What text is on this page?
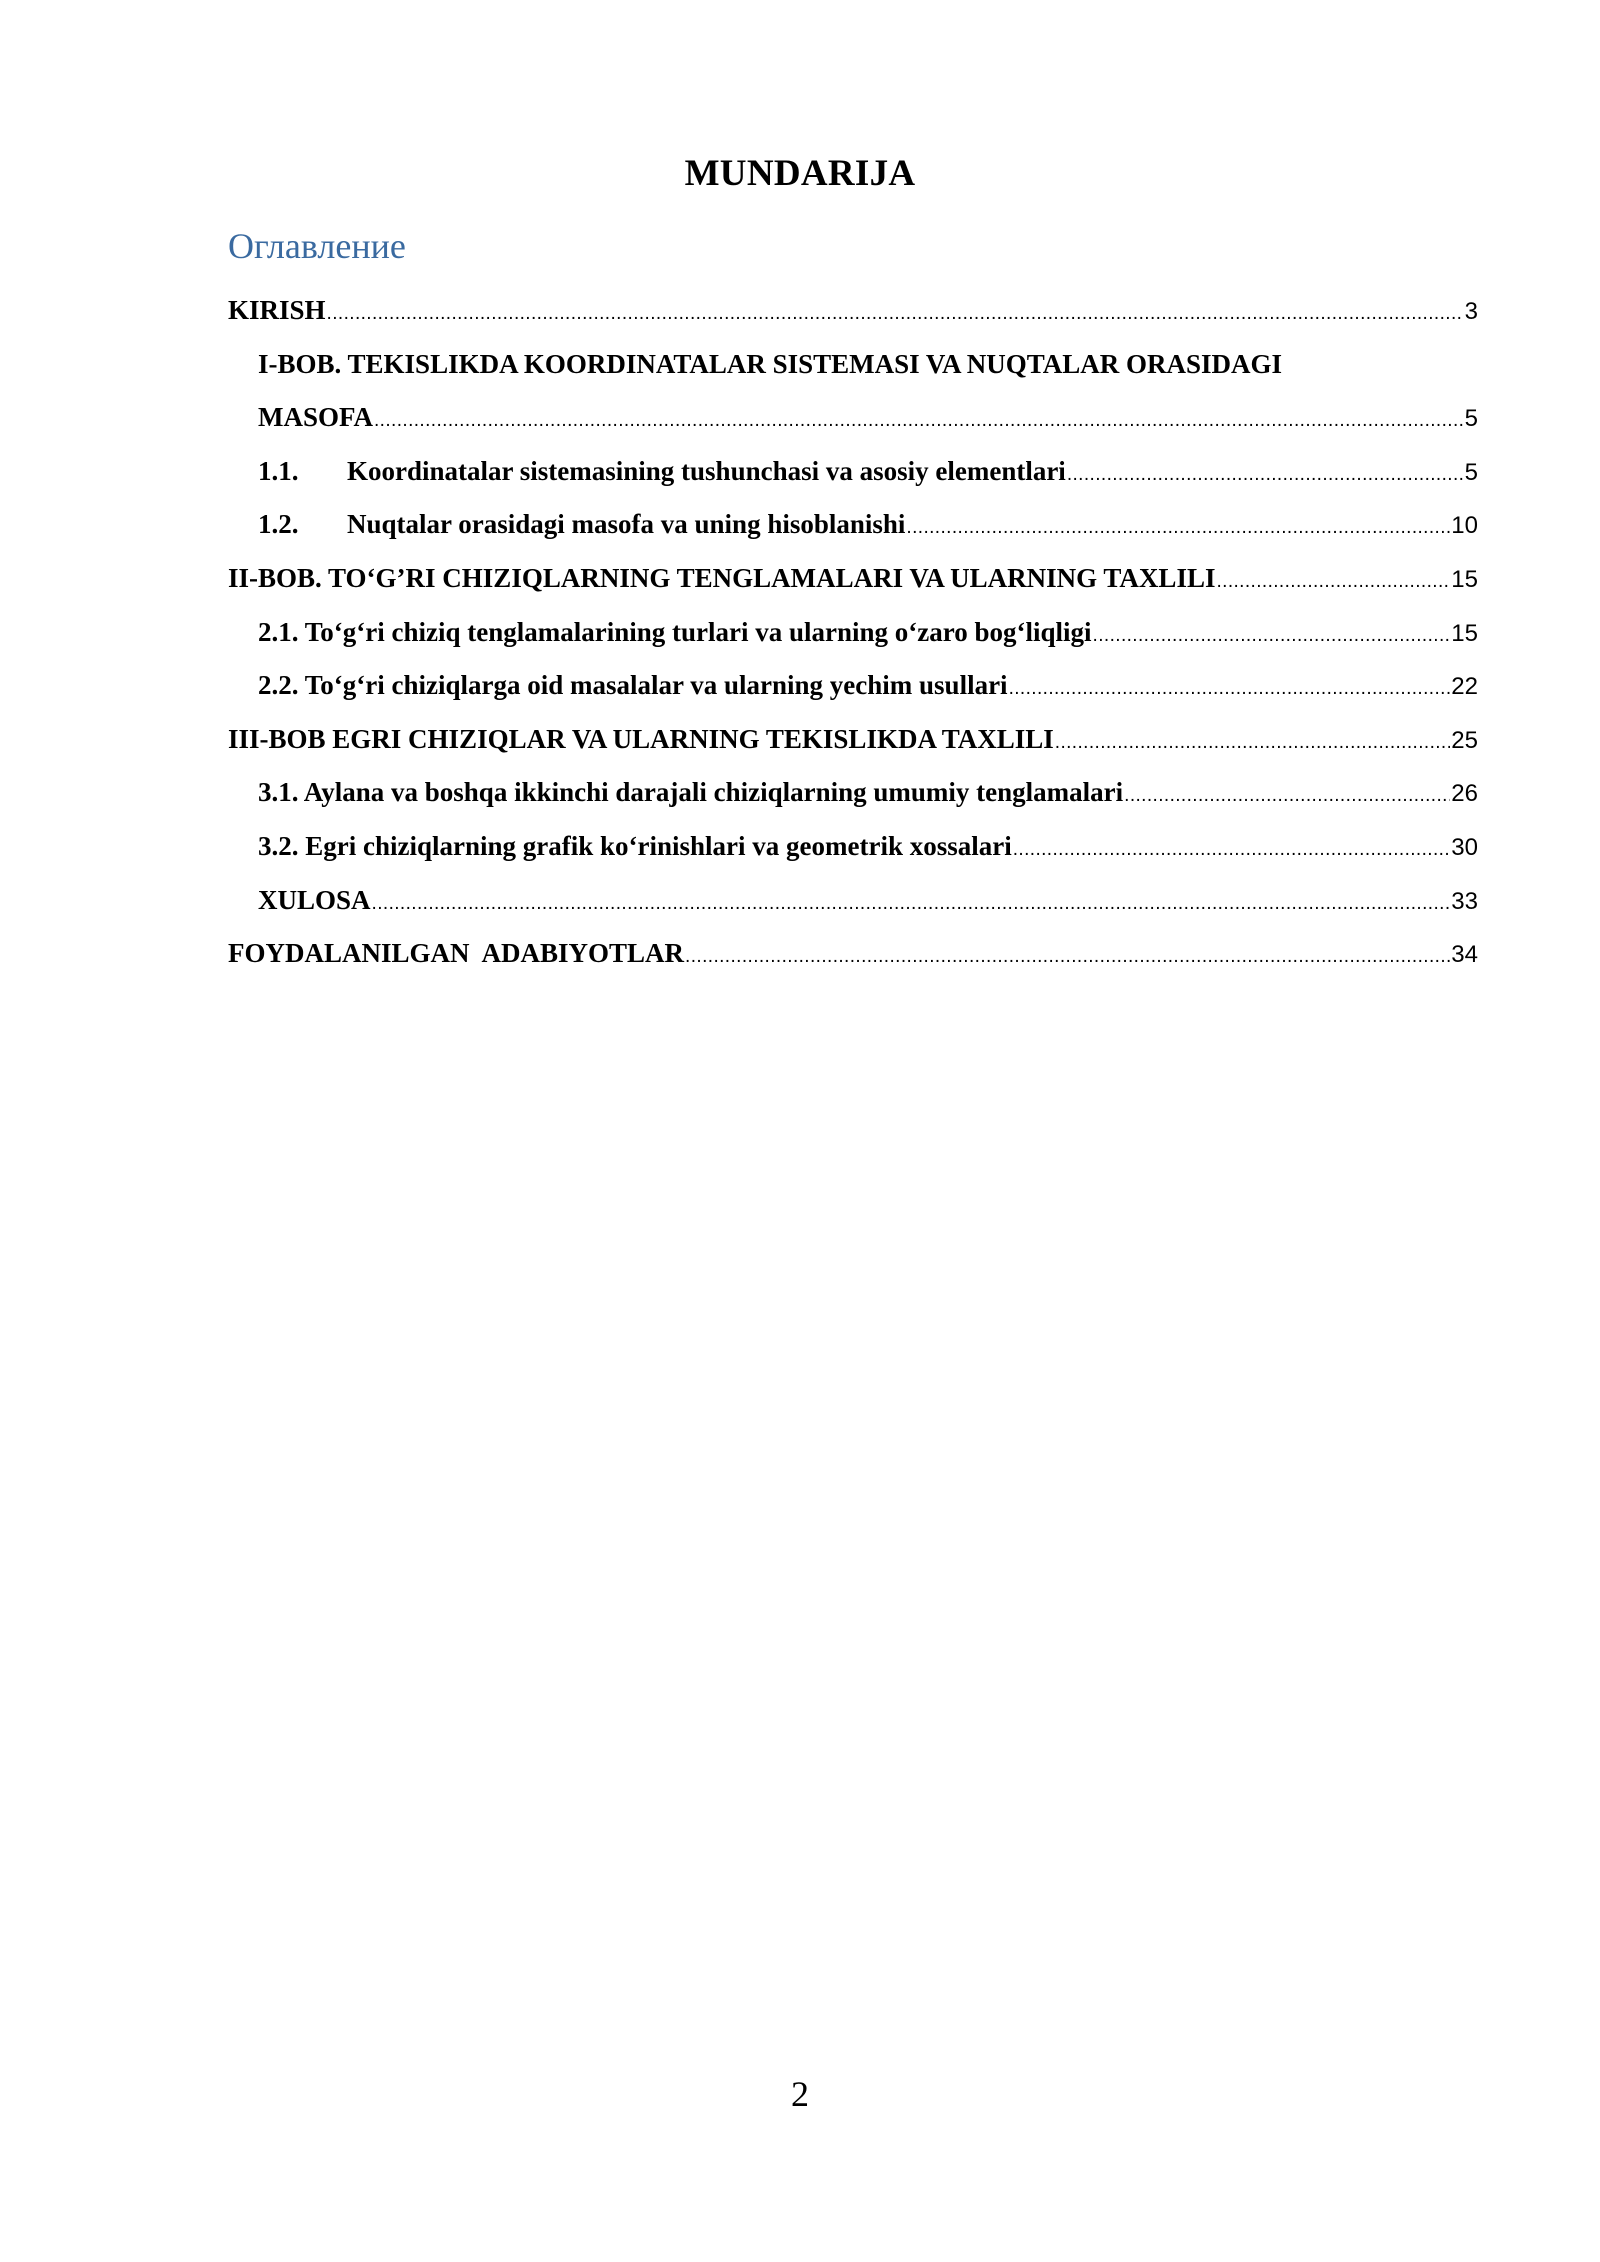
MUNDARIJA
Оглавление
KIRISH .....	3
I-BOB. TEKISLIKDA KOORDINATALAR SISTEMASI VA NUQTALAR ORASIDAGI
MASOFA .....	5
1.1. Koordinatalar sistemasining tushunchasi va asosiy elementlari .....	5
1.2. Nuqtalar orasidagi masofa va uning hisoblanishi .....	10
II-BOB. TO‘G’RI CHIZIQLARNING TENGLAMALARI VA ULARNING TAXLILI .....	15
2.1. To‘g‘ri chiziq tenglamalarining turlari va ularning o‘zaro bog‘liqligi .....	15
2.2. To‘g‘ri chiziqlarga oid masalalar va ularning yechim usullari .....	22
III-BOB EGRI CHIZIQLAR VA ULARNING TEKISLIKDA TAXLILI .....	25
3.1. Aylana va boshqa ikkinchi darajali chiziqlarning umumiy tenglamalari .....	26
3.2. Egri chiziqlarning grafik ko‘rinishlari va geometrik xossalari .....	30
XULOSA .....	33
FOYDALANILGAN  ADABIYOTLAR .....	34
2
